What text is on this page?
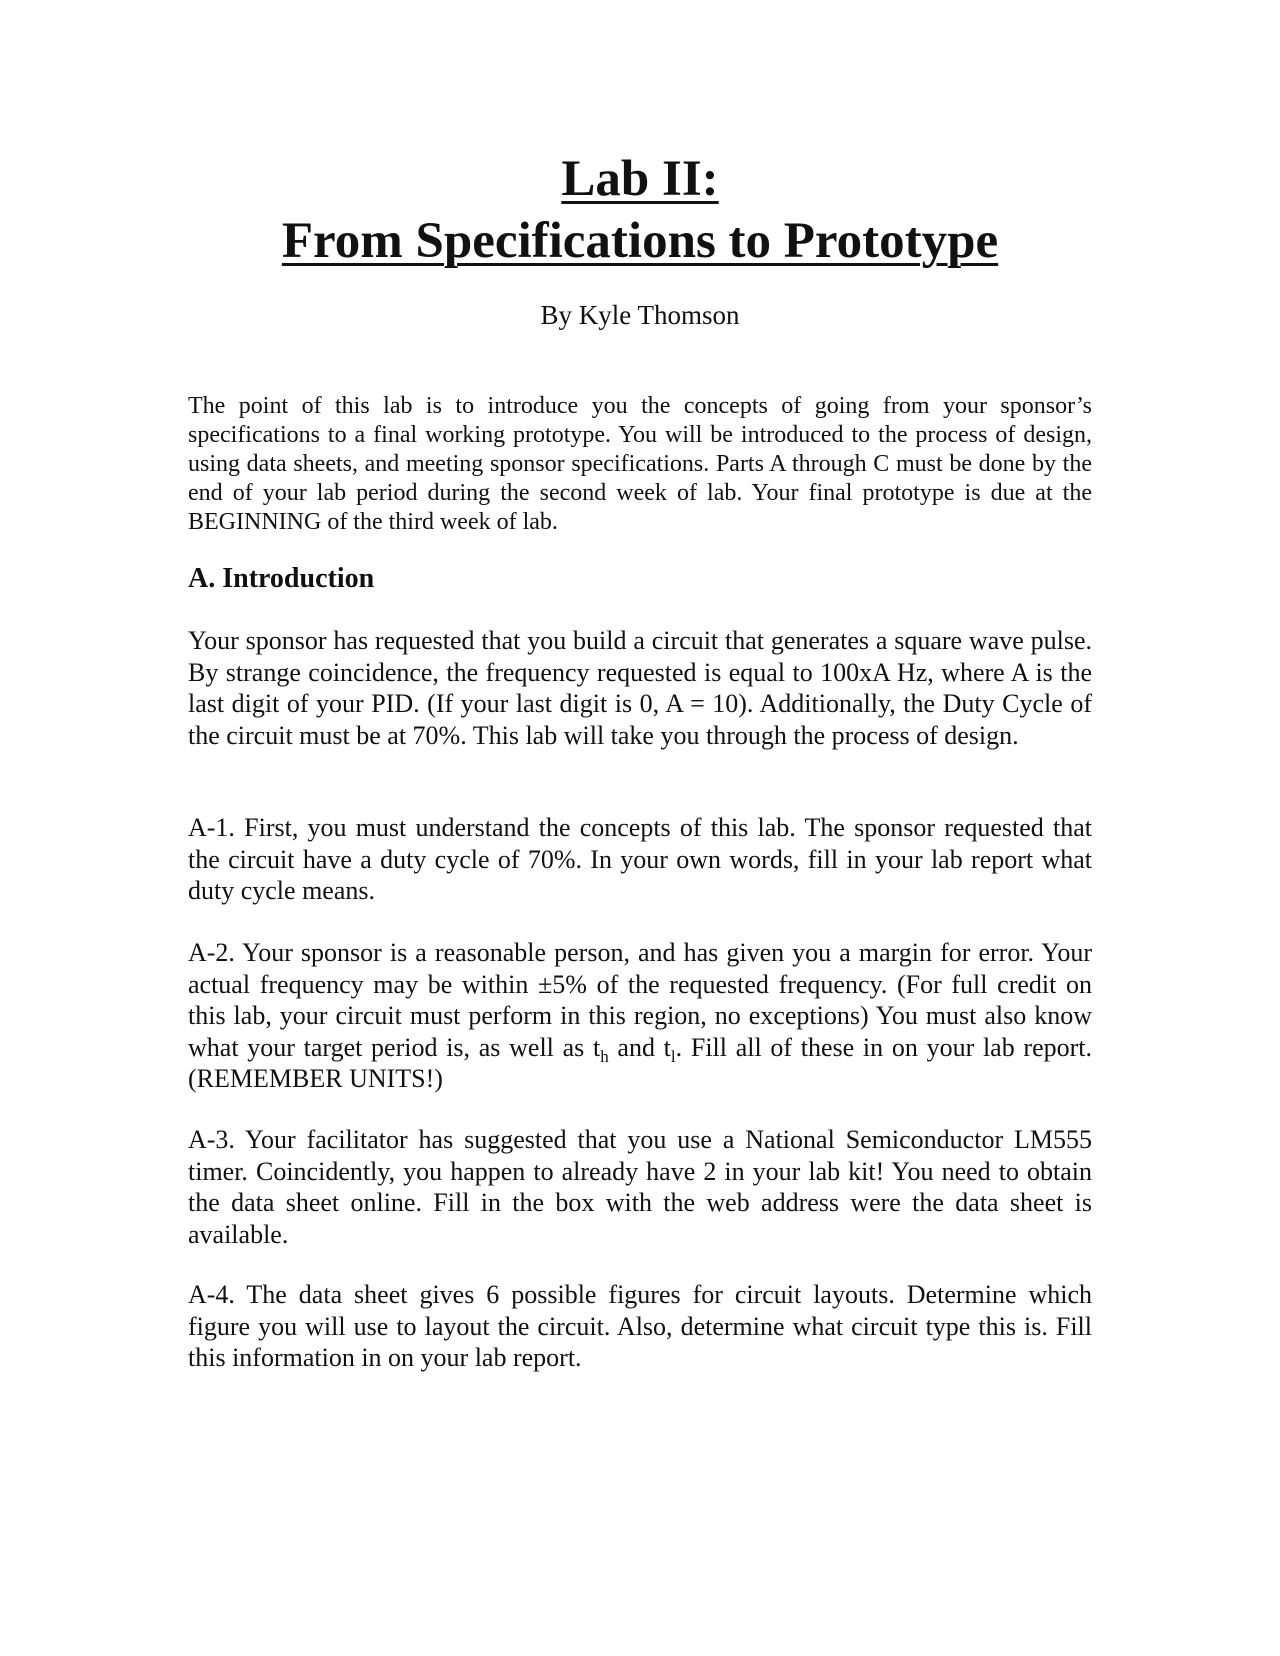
Lab II:
From Specifications to Prototype
By Kyle Thomson

The point of this lab is to introduce you the concepts of going from your sponsor’s specifications to a final working prototype. You will be introduced to the process of design, using data sheets, and meeting sponsor specifications. Parts A through C must be done by the end of your lab period during the second week of lab. Your final prototype is due at the BEGINNING of the third week of lab.

A. Introduction

Your sponsor has requested that you build a circuit that generates a square wave pulse. By strange coincidence, the frequency requested is equal to 100xA Hz, where A is the last digit of your PID. (If your last digit is 0, A = 10). Additionally, the Duty Cycle of the circuit must be at 70%. This lab will take you through the process of design.

A-1. First, you must understand the concepts of this lab. The sponsor requested that the circuit have a duty cycle of 70%. In your own words, fill in your lab report what duty cycle means.

A-2. Your sponsor is a reasonable person, and has given you a margin for error. Your actual frequency may be within ±5% of the requested frequency. (For full credit on this lab, your circuit must perform in this region, no exceptions) You must also know what your target period is, as well as $t_h$ and $t_l$. Fill all of these in on your lab report. (REMEMBER UNITS!)

A-3. Your facilitator has suggested that you use a National Semiconductor LM555 timer. Coincidently, you happen to already have 2 in your lab kit! You need to obtain the data sheet online. Fill in the box with the web address were the data sheet is available.

A-4. The data sheet gives 6 possible figures for circuit layouts. Determine which figure you will use to layout the circuit. Also, determine what circuit type this is. Fill this information in on your lab report.
